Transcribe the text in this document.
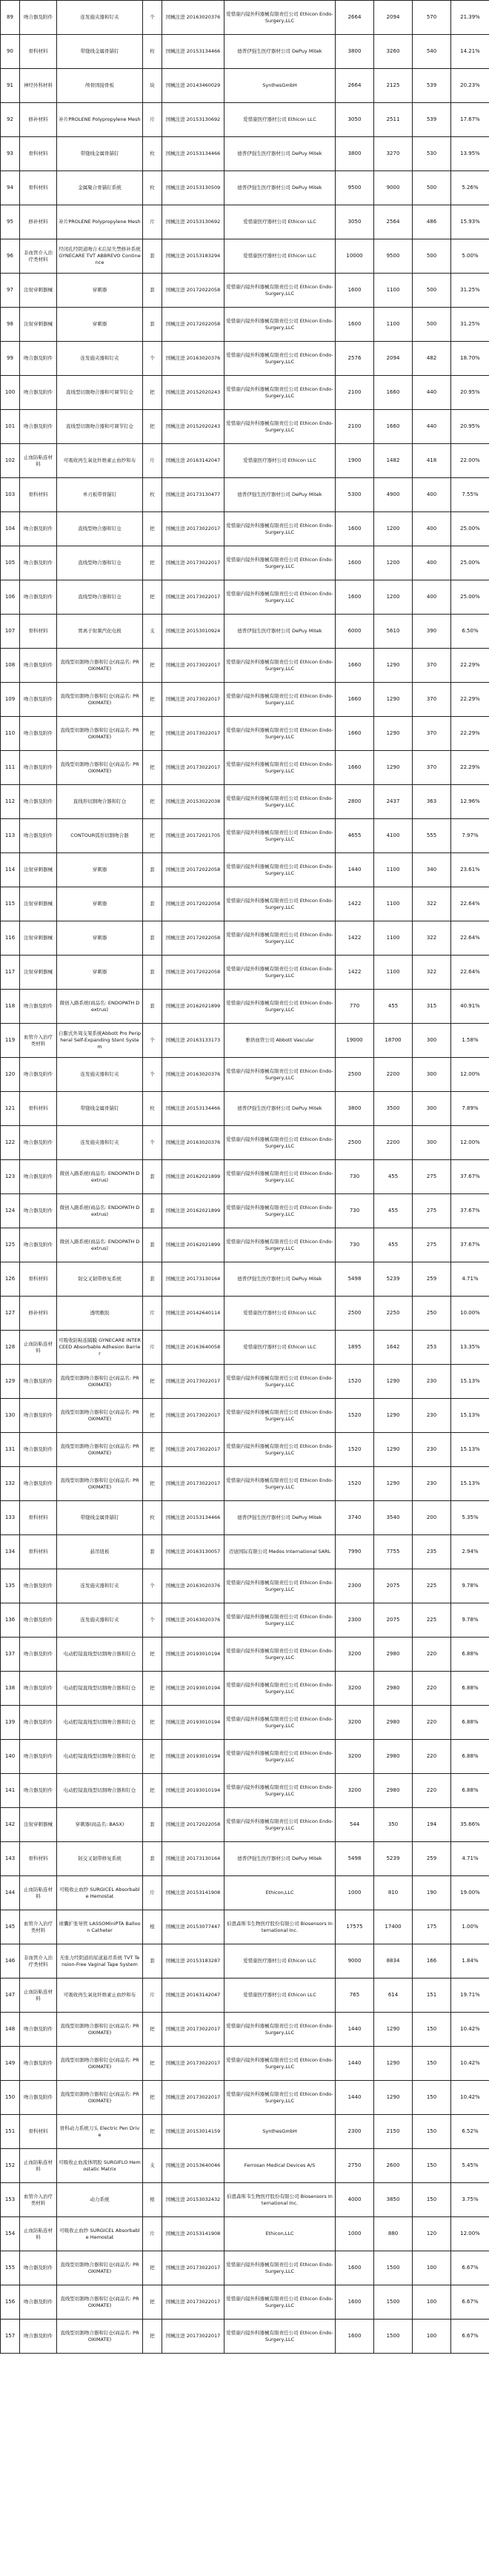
89	吻合器及附件	连发施夹器和钉夹	个	国械注进 20163020376	爱惜康内镜外科器械有限责任公司 Ethicon Endo-Surgery,LLC	2664	2094	570	21.39%
90	骨科材料	带缝线金属骨锚钉	枚	国械注进 20153134466	德普伊强生医疗器材公司 DePuy Mitek	3800	3260	540	14.21%
91	神经外科材料	颅骨固接骨板	块	国械注进 20143460029	SynthesGmbH	2664	2125	539	20.23%
92	修补材料	补片PROLENE Polypropylene Mesh	片	国械注进 20153130692	爱惜康医疗器材公司 Ethicon LLC	3050	2511	539	17.67%
93	骨科材料	带缝线金属骨锚钉	枚	国械注进 20153134466	德普伊强生医疗器材公司 DePuy Mitek	3800	3270	530	13.95%
94	骨科材料	金属聚合骨锚钉系统	枚	国械注进 20153130509	德普伊强生医疗器材公司 DePuy Mitek	9500	9000	500	5.26%
95	修补材料	补片PROLENE Polypropylene Mesh	片	国械注进 20153130692	爱惜康医疗器材公司 Ethicon LLC	3050	2564	486	15.93%
96	非血管介入治疗类材料	经闭孔经阴道吻合术后尿失禁修补系统 GYNECARE TVT ABBREVO Continence	套	国械注进 20153183294	爱惜康医疗器材公司 Ethicon LLC	10000	9500	500	5.00%
97	注射穿刺器械	穿刺器	套	国械注进 20172022058	爱惜康内镜外科器械有限责任公司 Ethicon Endo-Surgery,LLC	1600	1100	500	31.25%
98	注射穿刺器械	穿刺器	套	国械注进 20172022058	爱惜康内镜外科器械有限责任公司 Ethicon Endo-Surgery,LLC	1600	1100	500	31.25%
99	吻合器及附件	连发施夹器和钉夹	个	国械注进 20163020376	爱惜康内镜外科器械有限责任公司 Ethicon Endo-Surgery,LLC	2576	2094	482	18.70%
100	吻合器及附件	直线型切割吻合器和可调节钉仓	把	国械注进 20152020243	爱惜康内镜外科器械有限责任公司 Ethicon Endo-Surgery,LLC	2100	1660	440	20.95%
101	吻合器及附件	直线型切割吻合器和可调节钉仓	把	国械注进 20152020243	爱惜康内镜外科器械有限责任公司 Ethicon Endo-Surgery,LLC	2100	1660	440	20.95%
102	止血防粘连材料	可吸收再生氧化纤维素止血纱和布	片	国械注进 20163142047	爱惜康医疗器材公司 Ethicon LLC	1900	1482	418	22.00%
103	骨科材料	单刃板带骨锚钉	枚	国械注进 20173130477	德普伊强生医疗器材公司 DePuy Mitek	5300	4900	400	7.55%
104	吻合器及附件	直线型吻合器和钉仓	把	国械注进 20173022017	爱惜康内镜外科器械有限责任公司 Ethicon Endo-Surgery,LLC	1600	1200	400	25.00%
105	吻合器及附件	直线型吻合器和钉仓	把	国械注进 20173022017	爱惜康内镜外科器械有限责任公司 Ethicon Endo-Surgery,LLC	1600	1200	400	25.00%
106	吻合器及附件	直线型吻合器和钉仓	把	国械注进 20173022017	爱惜康内镜外科器械有限责任公司 Ethicon Endo-Surgery,LLC	1600	1200	400	25.00%
107	骨科材料	胃离子射频汽化电极	支	国械注进 20153010924	德普伊强生医疗器材公司 DePuy Mitek	6000	5610	390	6.50%
108	吻合器及附件	直线型切割吻合器和钉仓(商品名: PROXIMATE)	把	国械注进 20173022017	爱惜康内镜外科器械有限责任公司 Ethicon Endo-Surgery,LLC	1660	1290	370	22.29%
109	吻合器及附件	直线型切割吻合器和钉仓(商品名: PROXIMATE)	把	国械注进 20173022017	爱惜康内镜外科器械有限责任公司 Ethicon Endo-Surgery,LLC	1660	1290	370	22.29%
110	吻合器及附件	直线型切割吻合器和钉仓(商品名: PROXIMATE)	把	国械注进 20173022017	爱惜康内镜外科器械有限责任公司 Ethicon Endo-Surgery,LLC	1660	1290	370	22.29%
111	吻合器及附件	直线型切割吻合器和钉仓(商品名: PROXIMATE)	把	国械注进 20173022017	爱惜康内镜外科器械有限责任公司 Ethicon Endo-Surgery,LLC	1660	1290	370	22.29%
112	吻合器及附件	直线形切割吻合器和钉仓	把	国械注进 20153022038	爱惜康内镜外科器械有限责任公司 Ethicon Endo-Surgery,LLC	2800	2437	363	12.96%
113	吻合器及附件	CONTOUR弧形切割吻合器	把	国械注进 20172021705	爱惜康内镜外科器械有限责任公司 Ethicon Endo-Surgery,LLC	4655	4100	555	7.97%
114	注射穿刺器械	穿刺器	套	国械注进 20172022058	爱惜康内镜外科器械有限责任公司 Ethicon Endo-Surgery,LLC	1440	1100	340	23.61%
115	注射穿刺器械	穿刺器	套	国械注进 20172022058	爱惜康内镜外科器械有限责任公司 Ethicon Endo-Surgery,LLC	1422	1100	322	22.64%
116	注射穿刺器械	穿刺器	套	国械注进 20172022058	爱惜康内镜外科器械有限责任公司 Ethicon Endo-Surgery,LLC	1422	1100	322	22.64%
117	注射穿刺器械	穿刺器	套	国械注进 20172022058	爱惜康内镜外科器械有限责任公司 Ethicon Endo-Surgery,LLC	1422	1100	322	22.64%
118	吻合器及附件	微创入路系统(商品名: ENDOPATH Dextrus)	套	国械注进 20162021899	爱惜康内镜外科器械有限责任公司 Ethicon Endo-Surgery,LLC	770	455	315	40.91%
119	血管介入治疗类材料	自膨式外周支架系统Abbott Pro Peripheral Self-Expanding Stent System	个	国械注进 20163133173	雅培血管公司 Abbott Vascular	19000	18700	300	1.58%
120	吻合器及附件	连发施夹器和钉夹	个	国械注进 20163020376	爱惜康内镜外科器械有限责任公司 Ethicon Endo-Surgery,LLC	2500	2200	300	12.00%
121	骨科材料	带缝线金属骨锚钉	枚	国械注进 20153134466	德普伊强生医疗器材公司 DePuy Mitek	3800	3500	300	7.89%
122	吻合器及附件	连发施夹器和钉夹	个	国械注进 20163020376	爱惜康内镜外科器械有限责任公司 Ethicon Endo-Surgery,LLC	2500	2200	300	12.00%
123	吻合器及附件	微创入路系统(商品名: ENDOPATH Dextrus)	套	国械注进 20162021899	爱惜康内镜外科器械有限责任公司 Ethicon Endo-Surgery,LLC	730	455	275	37.67%
124	吻合器及附件	微创入路系统(商品名: ENDOPATH Dextrus)	套	国械注进 20162021899	爱惜康内镜外科器械有限责任公司 Ethicon Endo-Surgery,LLC	730	455	275	37.67%
125	吻合器及附件	微创入路系统(商品名: ENDOPATH Dextrus)	套	国械注进 20162021899	爱惜康内镜外科器械有限责任公司 Ethicon Endo-Surgery,LLC	730	455	275	37.67%
126	骨科材料	韧交叉韧带修复系统	套	国械注进 20173130164	德普伊强生医疗器材公司 DePuy Mitek	5498	5239	259	4.71%
127	修补材料	透明敷胶	片	国械注进 20142640114	爱惜康医疗器材公司 Ethicon LLC	2500	2250	250	10.00%
128	止血防粘连材料	可吸收防粘连隔膜 GYNECARE INTERCEED Absorbable Adhesion Barrier	片	国械注进 20163640058	爱惜康医疗器材公司 Ethicon LLC	1895	1642	253	13.35%
129	吻合器及附件	直线型切割吻合器和钉仓(商品名: PROXIMATE)	把	国械注进 20173022017	爱惜康内镜外科器械有限责任公司 Ethicon Endo-Surgery,LLC	1520	1290	230	15.13%
130	吻合器及附件	直线型切割吻合器和钉仓(商品名: PROXIMATE)	把	国械注进 20173022017	爱惜康内镜外科器械有限责任公司 Ethicon Endo-Surgery,LLC	1520	1290	230	15.13%
131	吻合器及附件	直线型切割吻合器和钉仓(商品名: PROXIMATE)	把	国械注进 20173022017	爱惜康内镜外科器械有限责任公司 Ethicon Endo-Surgery,LLC	1520	1290	230	15.13%
132	吻合器及附件	直线型切割吻合器和钉仓(商品名: PROXIMATE)	把	国械注进 20173022017	爱惜康内镜外科器械有限责任公司 Ethicon Endo-Surgery,LLC	1520	1290	230	15.13%
133	骨科材料	带缝线金属骨锚钉	枚	国械注进 20153134466	德普伊强生医疗器材公司 DePuy Mitek	3740	3540	200	5.35%
134	骨科材料	悬吊纽板	套	国械注进 20163130057	迈迪国际有限公司 Medos International SARL	7990	7755	235	2.94%
135	吻合器及附件	连发施夹器和钉夹	个	国械注进 20163020376	爱惜康内镜外科器械有限责任公司 Ethicon Endo-Surgery,LLC	2300	2075	225	9.78%
136	吻合器及附件	连发施夹器和钉夹	个	国械注进 20163020376	爱惜康内镜外科器械有限责任公司 Ethicon Endo-Surgery,LLC	2300	2075	225	9.78%
137	吻合器及附件	电动腔镜直线型切割吻合器和钉仓	把	国械注进 20193010194	爱惜康内镜外科器械有限责任公司 Ethicon Endo-Surgery,LLC	3200	2980	220	6.88%
138	吻合器及附件	电动腔镜直线型切割吻合器和钉仓	把	国械注进 20193010194	爱惜康内镜外科器械有限责任公司 Ethicon Endo-Surgery,LLC	3200	2980	220	6.88%
139	吻合器及附件	电动腔镜直线型切割吻合器和钉仓	把	国械注进 20193010194	爱惜康内镜外科器械有限责任公司 Ethicon Endo-Surgery,LLC	3200	2980	220	6.88%
140	吻合器及附件	电动腔镜直线型切割吻合器和钉仓	把	国械注进 20193010194	爱惜康内镜外科器械有限责任公司 Ethicon Endo-Surgery,LLC	3200	2980	220	6.88%
141	吻合器及附件	电动腔镜直线型切割吻合器和钉仓	把	国械注进 20193010194	爱惜康内镜外科器械有限责任公司 Ethicon Endo-Surgery,LLC	3200	2980	220	6.88%
142	注射穿刺器械	穿刺器(商品名: BASX)	套	国械注进 20172022058	爱惜康内镜外科器械有限责任公司 Ethicon Endo-Surgery,LLC	544	350	194	35.66%
143	骨科材料	韧交叉韧带修复系统	套	国械注进 20173130164	德普伊强生医疗器材公司 DePuy Mitek	5498	5239	259	4.71%
144	止血防粘连材料	可吸收止血纱 SURGICEL Absorbable Hemostat	片	国械注进 20153141908	Ethicon,LLC	1000	810	190	19.00%
145	血管介入治疗类材料	球囊扩张导管 LASSOMiniPTA Balloon Catheter	根	国械注进 20153077447	伯恩森斯韦生物医疗股份有限公司 Biosensors International Inc.	17575	17400	175	1.00%
146	非血管介入治疗类材料	无张力经阴道的尿道悬吊系统 TVT Tension-Free Vaginal Tape System	套	国械注进 20153183287	爱惜康医疗器材公司 Ethicon LLC	9000	8834	166	1.84%
147	止血防粘连材料	可吸收再生氧化纤维素止血纱和布	片	国械注进 20163142047	爱惜康医疗器材公司 Ethicon LLC	765	614	151	19.71%
148	吻合器及附件	直线型切割吻合器和钉仓(商品名: PROXIMATE)	把	国械注进 20173022017	爱惜康内镜外科器械有限责任公司 Ethicon Endo-Surgery,LLC	1440	1290	150	10.42%
149	吻合器及附件	直线型切割吻合器和钉仓(商品名: PROXIMATE)	把	国械注进 20173022017	爱惜康内镜外科器械有限责任公司 Ethicon Endo-Surgery,LLC	1440	1290	150	10.42%
150	吻合器及附件	直线型切割吻合器和钉仓(商品名: PROXIMATE)	把	国械注进 20173022017	爱惜康内镜外科器械有限责任公司 Ethicon Endo-Surgery,LLC	1440	1290	150	10.42%
151	骨科材料	骨科动力系统刀头 Electric Pen Drive	把	国械注进 20153014159	SynthesGmbH	2300	2150	150	6.52%
152	止血防粘连材料	可吸收止血流体明胶 SURGIFLO Hemostatic Matrix	支	国械注进 20153640046	Ferrosan Medical Devices A/S	2750	2600	150	5.45%
153	血管介入治疗类材料	动力系统	根	国械注进 20153032432	伯恩森斯韦生物医疗股份有限公司 Biosensors International Inc.	4000	3850	150	3.75%
154	止血防粘连材料	可吸收止血纱 SURGICEL Absorbable Hemostat	片	国械注进 20153141908	Ethicon,LLC	1000	880	120	12.00%
155	吻合器及附件	直线型切割吻合器和钉仓(商品名: PROXIMATE)	把	国械注进 20173022017	爱惜康内镜外科器械有限责任公司 Ethicon Endo-Surgery,LLC	1600	1500	100	6.67%
156	吻合器及附件	直线型切割吻合器和钉仓(商品名: PROXIMATE)	把	国械注进 20173022017	爱惜康内镜外科器械有限责任公司 Ethicon Endo-Surgery,LLC	1600	1500	100	6.67%
157	吻合器及附件	直线型切割吻合器和钉仓(商品名: PROXIMATE)	把	国械注进 20173022017	爱惜康内镜外科器械有限责任公司 Ethicon Endo-Surgery,LLC	1600	1500	100	6.67%
